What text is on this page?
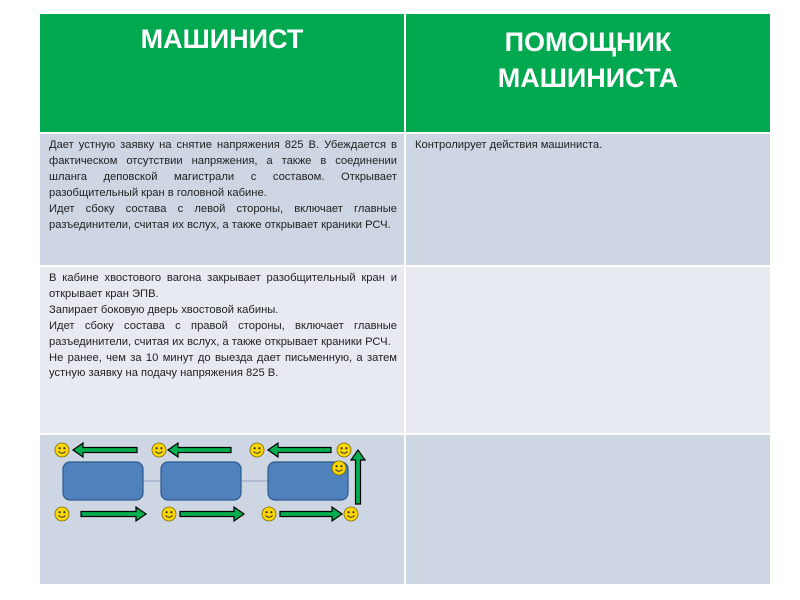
МАШИНИСТ	ПОМОЩНИК
МАШИНИСТА

Дает устную заявку на снятие напряжения 825 В. Убеждается в фактическом отсутствии напряжения, а также в соединении шланга деповской магистрали с составом. Открывает разобщительный кран в головной кабине.

Идет сбоку состава с левой стороны, включает главные разъединители, считая их вслух, а также открывает краники РСЧ.

Контролирует действия машиниста.

В кабине хвостового вагона закрывает разобщительный кран и открывает кран ЭПВ.

Запирает боковую дверь хвостовой кабины.

Идет сбоку состава с правой стороны, включает главные разъединители, считая их вслух, а также открывает краники РСЧ.

Не ранее, чем за 10 минут до выезда дает письменную, а затем устную заявку на подачу напряжения 825 В.
